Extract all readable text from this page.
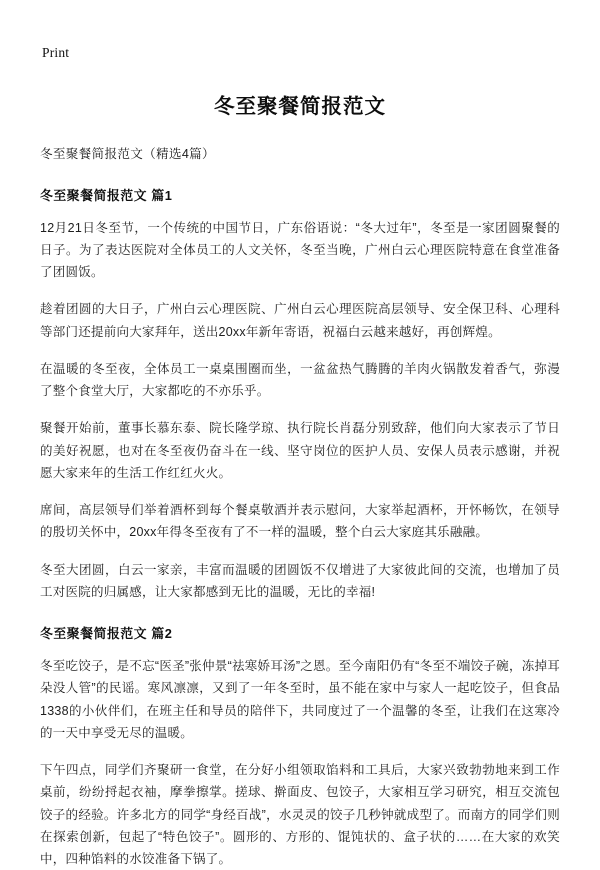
Print
冬至聚餐简报范文

冬至聚餐简报范文（精选4篇）

冬至聚餐简报范文 篇1

12月21日冬至节，一个传统的中国节日，广东俗语说：“冬大过年”，冬至是一家团圆聚餐的日子。为了表达医院对全体员工的人文关怀，冬至当晚，广州白云心理医院特意在食堂准备了团圆饭。

趁着团圆的大日子，广州白云心理医院、广州白云心理医院高层领导、安全保卫科、心理科等部门还提前向大家拜年，送出20xx年新年寄语，祝福白云越来越好，再创辉煌。

在温暖的冬至夜，全体员工一桌桌围圈而坐，一盆盆热气腾腾的羊肉火锅散发着香气，弥漫了整个食堂大厅，大家都吃的不亦乐乎。

聚餐开始前，董事长慕东泰、院长隆学琼、执行院长肖磊分别致辞，他们向大家表示了节日的美好祝愿，也对在冬至夜仍奋斗在一线、坚守岗位的医护人员、安保人员表示感谢，并祝愿大家来年的生活工作红红火火。

席间，高层领导们举着酒杯到每个餐桌敬酒并表示慰问，大家举起酒杯，开怀畅饮，在领导的殷切关怀中，20xx年得冬至夜有了不一样的温暖，整个白云大家庭其乐融融。

冬至大团圆，白云一家亲，丰富而温暖的团圆饭不仅增进了大家彼此间的交流，也增加了员工对医院的归属感，让大家都感到无比的温暖，无比的幸福!

冬至聚餐简报范文 篇2

冬至吃饺子，是不忘“医圣”张仲景“祛寒娇耳汤”之恩。至今南阳仍有“冬至不端饺子碗，冻掉耳朵没人管”的民谣。寒风凛凛，又到了一年冬至时，虽不能在家中与家人一起吃饺子，但食品1338的小伙伴们，在班主任和导员的陪伴下，共同度过了一个温馨的冬至，让我们在这寒冷的一天中享受无尽的温暖。

下午四点，同学们齐聚研一食堂，在分好小组领取馅料和工具后，大家兴致勃勃地来到工作桌前，纷纷捋起衣袖，摩拳擦掌。搓球、擀面皮、包饺子，大家相互学习研究，相互交流包饺子的经验。许多北方的同学“身经百战”，水灵灵的饺子几秒钟就成型了。而南方的同学们则在探索创新，包起了“特色饺子”。圆形的、方形的、馄饨状的、盒子状的……在大家的欢笑中，四种馅料的水饺准备下锅了。
